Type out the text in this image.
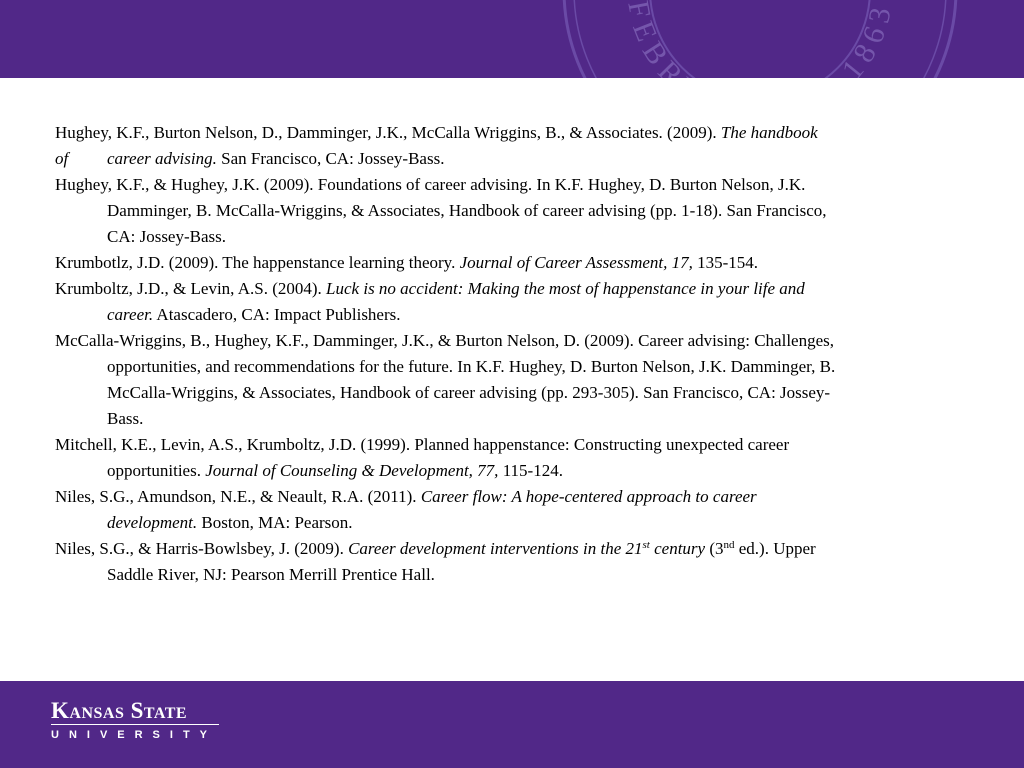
FEBRUARY 16, 1863
Hughey, K.F., Burton Nelson, D., Damminger, J.K., McCalla Wriggins, B., & Associates. (2009). The handbook
of career advising. San Francisco, CA: Jossey-Bass.
Hughey, K.F., & Hughey, J.K. (2009). Foundations of career advising. In K.F. Hughey, D. Burton Nelson, J.K.
Damminger, B. McCalla-Wriggins, & Associates, Handbook of career advising (pp. 1-18). San Francisco,
CA: Jossey-Bass.
Krumbotlz, J.D. (2009). The happenstance learning theory. Journal of Career Assessment, 17, 135-154.
Krumboltz, J.D., & Levin, A.S. (2004). Luck is no accident: Making the most of happenstance in your life and
career. Atascadero, CA: Impact Publishers.
McCalla-Wriggins, B., Hughey, K.F., Damminger, J.K., & Burton Nelson, D. (2009). Career advising: Challenges,
opportunities, and recommendations for the future. In K.F. Hughey, D. Burton Nelson, J.K. Damminger, B.
McCalla-Wriggins, & Associates, Handbook of career advising (pp. 293-305). San Francisco, CA: Jossey-
Bass.
Mitchell, K.E., Levin, A.S., Krumboltz, J.D. (1999). Planned happenstance: Constructing unexpected career
opportunities. Journal of Counseling & Development, 77, 115-124.
Niles, S.G., Amundson, N.E., & Neault, R.A. (2011). Career flow: A hope-centered approach to career
development. Boston, MA: Pearson.
Niles, S.G., & Harris-Bowlsbey, J. (2009). Career development interventions in the 21st century (3nd ed.). Upper
Saddle River, NJ: Pearson Merrill Prentice Hall.
Kansas State
UNIVERSITY
